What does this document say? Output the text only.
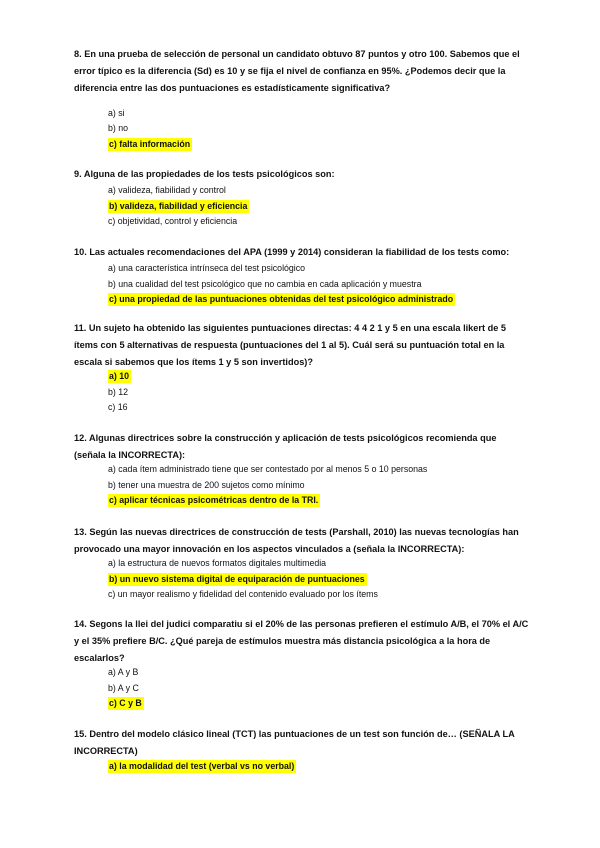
8. En una prueba de selección de personal un candidato obtuvo 87 puntos y otro 100. Sabemos que el error típico es la diferencia (Sd) es 10 y se fija el nivel de confianza en 95%. ¿Podemos decir que la diferencia entre las dos puntuaciones es estadísticamente significativa?
a) si
b) no
c) falta información
9. Alguna de las propiedades de los tests psicológicos son:
a) valideza, fiabilidad y control
b) valideza, fiabilidad y eficiencia
c) objetividad, control y eficiencia
10. Las actuales recomendaciones del APA (1999 y 2014) consideran la fiabilidad de los tests como:
a) una característica intrínseca del test psicológico
b) una cualidad del test psicológico que no cambia en cada aplicación y muestra
c) una propiedad de las puntuaciones obtenidas del test psicológico administrado
11. Un sujeto ha obtenido las siguientes puntuaciones directas: 4 4 2 1 y 5 en una escala likert de 5 ítems con 5 alternativas de respuesta (puntuaciones del 1 al 5). Cuál será su puntuación total en la escala si sabemos que los ítems 1 y 5 son invertidos)?
a) 10
b) 12
c) 16
12. Algunas directrices sobre la construcción y aplicación de tests psicológicos recomienda que (señala la INCORRECTA):
a) cada ítem administrado tiene que ser contestado por al menos 5 o 10 personas
b) tener una muestra de 200 sujetos como mínimo
c) aplicar técnicas psicométricas dentro de la TRI.
13. Según las nuevas directrices de construcción de tests (Parshall, 2010) las nuevas tecnologías han provocado una mayor innovación en los aspectos vinculados a (señala la INCORRECTA):
a) la estructura de nuevos formatos digitales multimedia
b) un nuevo sistema digital de equiparación de puntuaciones
c) un mayor realismo y fidelidad del contenido evaluado por los ítems
14. Segons la llei del judici comparatiu si el 20% de las personas prefieren el estímulo A/B, el 70% el A/C y el 35% prefiere B/C. ¿Qué pareja de estímulos muestra más distancia psicológica a la hora de escalarlos?
a) A y B
b) A y C
c) C y B
15. Dentro del modelo clásico lineal (TCT) las puntuaciones de un test son función de… (SEÑALA LA INCORRECTA)
a) la modalidad del test (verbal vs no verbal)
